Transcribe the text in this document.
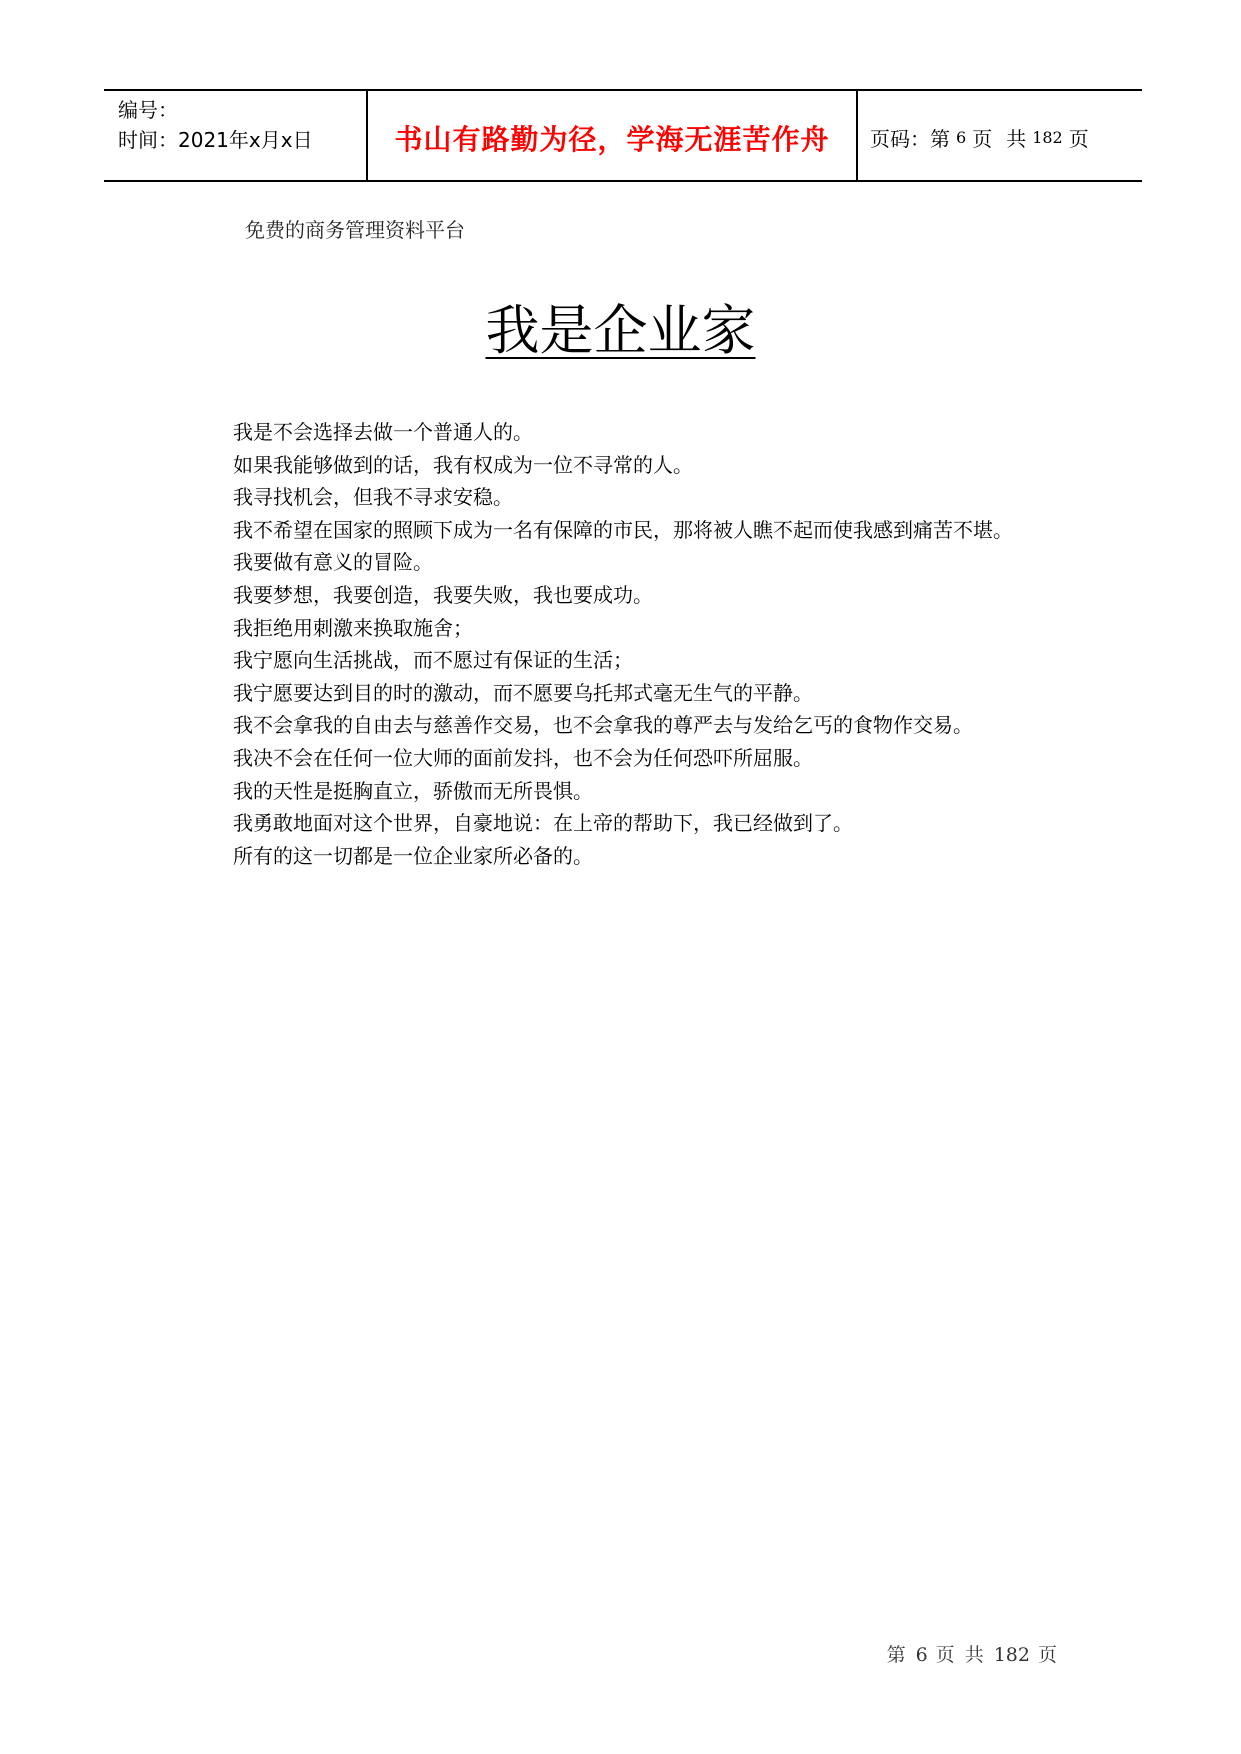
编号：
时间：2021年x月x日	书山有路勤为径，学海无涯苦作舟	页码：第 6 页 共 182 页
免费的商务管理资料平台
我是企业家
我是不会选择去做一个普通人的。
如果我能够做到的话，我有权成为一位不寻常的人。
我寻找机会，但我不寻求安稳。
我不希望在国家的照顾下成为一名有保障的市民，那将被人瞧不起而使我感到痛苦不堪。
我要做有意义的冒险。
我要梦想，我要创造，我要失败，我也要成功。
我拒绝用刺激来换取施舍；
我宁愿向生活挑战，而不愿过有保证的生活；
我宁愿要达到目的时的激动，而不愿要乌托邦式毫无生气的平静。
我不会拿我的自由去与慈善作交易，也不会拿我的尊严去与发给乞丐的食物作交易。
我决不会在任何一位大师的面前发抖，也不会为任何恐吓所屈服。
我的天性是挺胸直立，骄傲而无所畏惧。
我勇敢地面对这个世界，自豪地说：在上帝的帮助下，我已经做到了。
所有的这一切都是一位企业家所必备的。
第 6 页 共 182 页
